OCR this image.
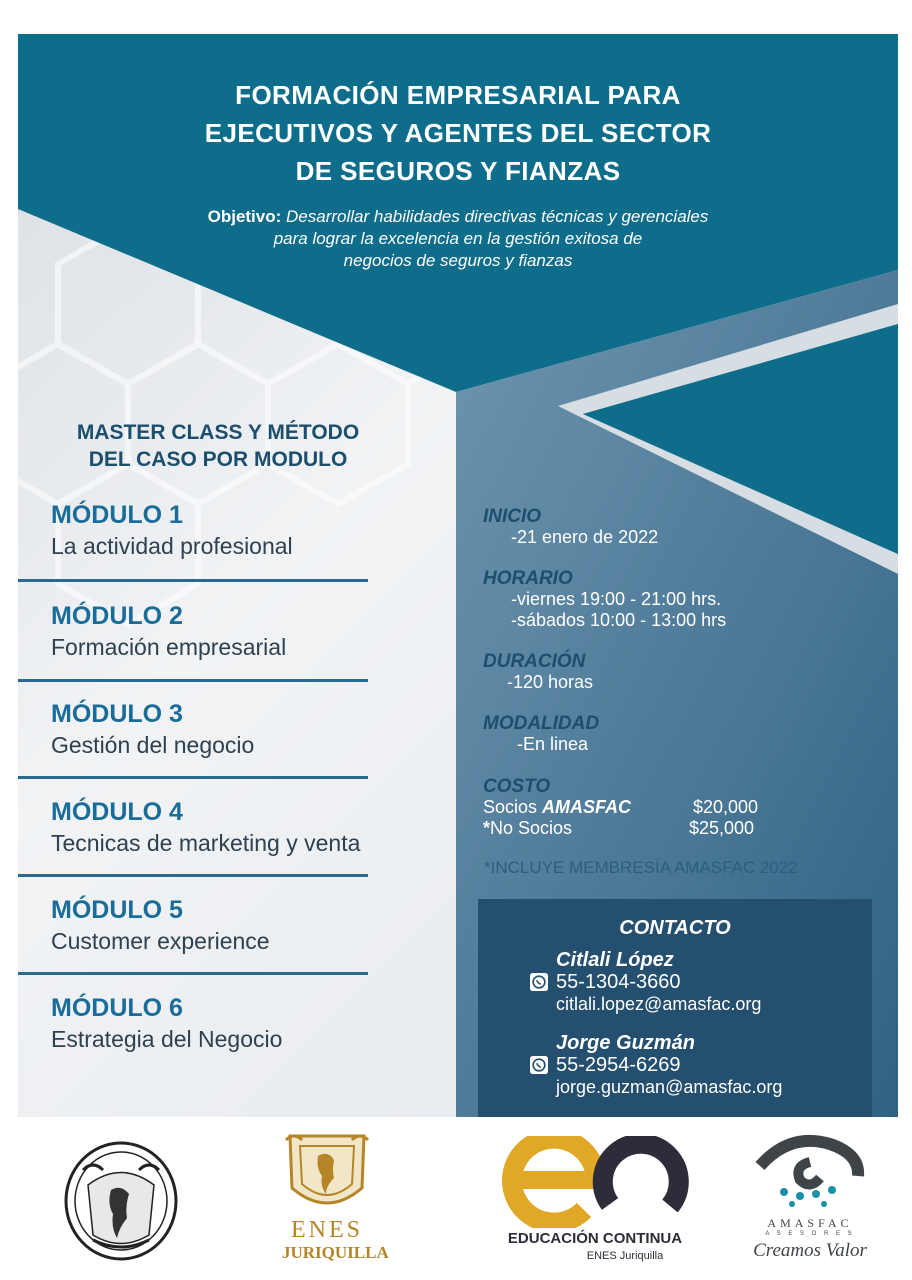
FORMACIÓN EMPRESARIAL PARA
EJECUTIVOS Y AGENTES DEL SECTOR
DE SEGUROS Y FIANZAS
Objetivo: Desarrollar habilidades directivas técnicas y gerenciales
para lograr la excelencia en la gestión exitosa de
negocios de seguros y fianzas
MASTER CLASS Y MÉTODO
DEL CASO POR MODULO
MÓDULO 1
La actividad profesional
MÓDULO 2
Formación empresarial
MÓDULO 3
Gestión del negocio
MÓDULO 4
Tecnicas de marketing y venta
MÓDULO 5
Customer experience
MÓDULO 6
Estrategia del Negocio
INICIO
-21 enero de 2022
HORARIO
-viernes 19:00 - 21:00 hrs.
-sábados 10:00 - 13:00 hrs
DURACIÓN
-120 horas
MODALIDAD
-En linea
COSTO
Socios AMASFAC	$20,000
*No Socios	$25,000
*INCLUYE MEMBRESÍA AMASFAC 2022
CONTACTO
Citlali López
55-1304-3660
citlali.lopez@amasfac.org
Jorge Guzmán
55-2954-6269
jorge.guzman@amasfac.org
ENES
JURIQUILLA
EDUCACIÓN CONTINUA
ENES Juriquilla
AMASFAC
A S E S O R E S
Creamos Valor
